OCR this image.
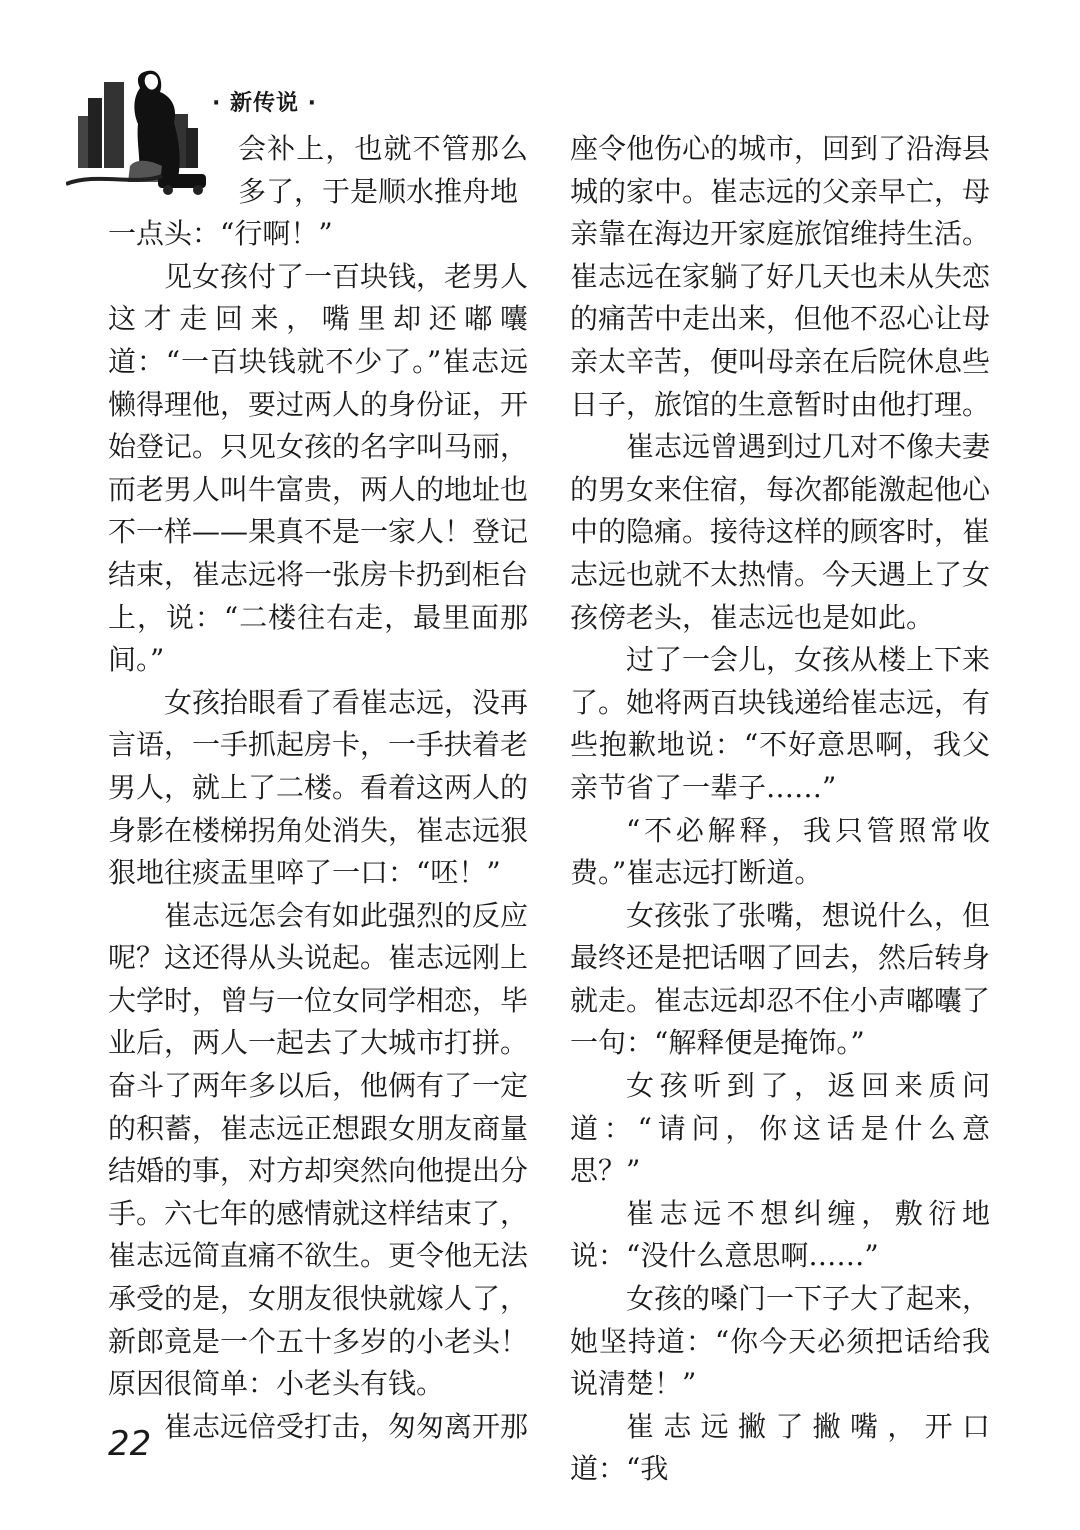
· 新传说 ·

会补上，也就不管那么多了，于是顺水推舟地

一点头：“行啊！”

见女孩付了一百块钱，老男人这才走回来，嘴里却还嘟囔道：“一百块钱就不少了。”崔志远懒得理他，要过两人的身份证，开始登记。只见女孩的名字叫马丽，而老男人叫牛富贵，两人的地址也不一样——果真不是一家人！登记结束，崔志远将一张房卡扔到柜台上，说：“二楼往右走，最里面那间。”

女孩抬眼看了看崔志远，没再言语，一手抓起房卡，一手扶着老男人，就上了二楼。看着这两人的身影在楼梯拐角处消失，崔志远狠狠地往痰盂里啐了一口：“呸！”

崔志远怎会有如此强烈的反应呢？这还得从头说起。崔志远刚上大学时，曾与一位女同学相恋，毕业后，两人一起去了大城市打拼。奋斗了两年多以后，他俩有了一定的积蓄，崔志远正想跟女朋友商量结婚的事，对方却突然向他提出分手。六七年的感情就这样结束了，崔志远简直痛不欲生。更令他无法承受的是，女朋友很快就嫁人了，新郎竟是一个五十多岁的小老头！原因很简单：小老头有钱。

崔志远倍受打击，匆匆离开那

座令他伤心的城市，回到了沿海县城的家中。崔志远的父亲早亡，母亲靠在海边开家庭旅馆维持生活。崔志远在家躺了好几天也未从失恋的痛苦中走出来，但他不忍心让母亲太辛苦，便叫母亲在后院休息些日子，旅馆的生意暂时由他打理。

崔志远曾遇到过几对不像夫妻的男女来住宿，每次都能激起他心中的隐痛。接待这样的顾客时，崔志远也就不太热情。今天遇上了女孩傍老头，崔志远也是如此。

过了一会儿，女孩从楼上下来了。她将两百块钱递给崔志远，有些抱歉地说：“不好意思啊，我父亲节省了一辈子……”

“不必解释，我只管照常收费。”崔志远打断道。

女孩张了张嘴，想说什么，但最终还是把话咽了回去，然后转身就走。崔志远却忍不住小声嘟囔了一句：“解释便是掩饰。”

女孩听到了，返回来质问道：“请问，你这话是什么意思？”

崔志远不想纠缠，敷衍地说：“没什么意思啊……”

女孩的嗓门一下子大了起来，她坚持道：“你今天必须把话给我说清楚！”

崔志远撇了撇嘴，开口道：“我

22
